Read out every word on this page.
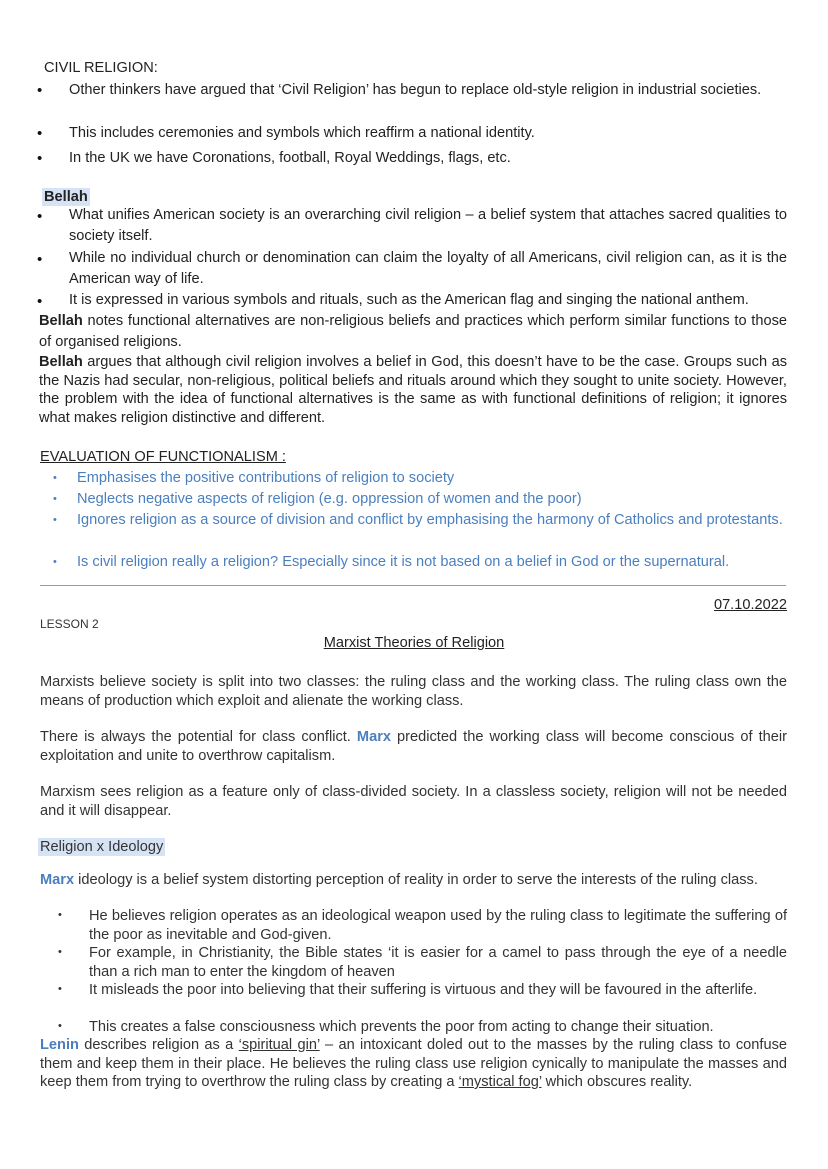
CIVIL RELIGION:
• Other thinkers have argued that ‘Civil Religion’ has begun to replace old-style religion in industrial societies.
• This includes ceremonies and symbols which reaffirm a national identity.
• In the UK we have Coronations, football, Royal Weddings, flags, etc.
Bellah
• What unifies American society is an overarching civil religion – a belief system that attaches sacred qualities to society itself.
• While no individual church or denomination can claim the loyalty of all Americans, civil religion can, as it is the American way of life.
• It is expressed in various symbols and rituals, such as the American flag and singing the national anthem.
Bellah notes functional alternatives are non-religious beliefs and practices which perform similar functions to those of organised religions.
Bellah argues that although civil religion involves a belief in God, this doesn’t have to be the case. Groups such as the Nazis had secular, non-religious, political beliefs and rituals around which they sought to unite society. However, the problem with the idea of functional alternatives is the same as with functional definitions of religion; it ignores what makes religion distinctive and different.
EVALUATION OF FUNCTIONALISM :
• Emphasises the positive contributions of religion to society
• Neglects negative aspects of religion (e.g. oppression of women and the poor)
• Ignores religion as a source of division and conflict by emphasising the harmony of Catholics and protestants.
• Is civil religion really a religion? Especially since it is not based on a belief in God or the supernatural.
07.10.2022
LESSON 2
Marxist Theories of Religion
Marxists believe society is split into two classes: the ruling class and the working class. The ruling class own the means of production which exploit and alienate the working class.
There is always the potential for class conflict. Marx predicted the working class will become conscious of their exploitation and unite to overthrow capitalism.
Marxism sees religion as a feature only of class-divided society. In a classless society, religion will not be needed and it will disappear.
Religion x Ideology
Marx ideology is a belief system distorting perception of reality in order to serve the interests of the ruling class.
• He believes religion operates as an ideological weapon used by the ruling class to legitimate the suffering of the poor as inevitable and God-given.
• For example, in Christianity, the Bible states ‘it is easier for a camel to pass through the eye of a needle than a rich man to enter the kingdom of heaven
• It misleads the poor into believing that their suffering is virtuous and they will be favoured in the afterlife.
• This creates a false consciousness which prevents the poor from acting to change their situation.
Lenin describes religion as a ‘spiritual gin’ – an intoxicant doled out to the masses by the ruling class to confuse them and keep them in their place. He believes the ruling class use religion cynically to manipulate the masses and keep them from trying to overthrow the ruling class by creating a ‘mystical fog’ which obscures reality.
